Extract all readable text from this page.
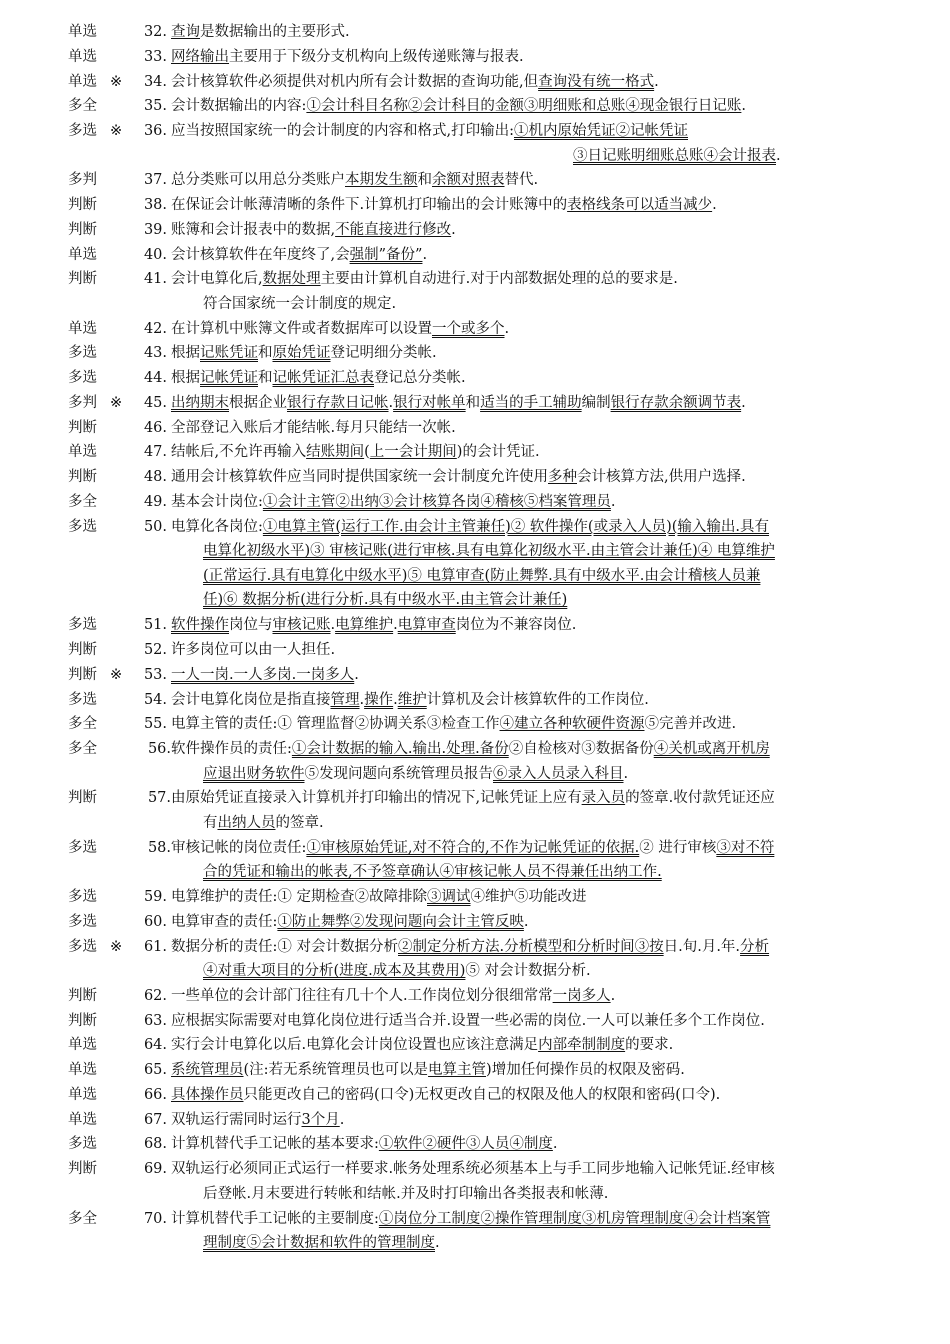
单选	32. 查询是数据输出的主要形式.
单选	33. 网络输出主要用于下级分支机构向上级传递账簿与报表.
单选 ※	34. 会计核算软件必须提供对机内所有会计数据的查询功能,但查询没有统一格式.
多全	35. 会计数据输出的内容:①会计科目名称②会计科目的金额③明细账和总账④现金银行日记账.
多选 ※	36. 应当按照国家统一的会计制度的内容和格式,打印输出:①机内原始凭证②记帐凭证
③日记账明细账总账④会计报表.
多判	37. 总分类账可以用总分类账户本期发生额和余额对照表替代.
判断	38. 在保证会计帐薄清晰的条件下.计算机打印输出的会计账簿中的表格线条可以适当减少.
判断	39. 账簿和会计报表中的数据,不能直接进行修改.
单选	40. 会计核算软件在年度终了,会强制”备份”.
判断	41. 会计电算化后,数据处理主要由计算机自动进行.对于内部数据处理的总的要求是.
符合国家统一会计制度的规定.
单选	42. 在计算机中账簿文件或者数据库可以设置一个或多个.
多选	43. 根据记账凭证和原始凭证登记明细分类帐.
多选	44. 根据记帐凭证和记帐凭证汇总表登记总分类帐.
多判 ※	45. 出纳期末根据企业银行存款日记帐.银行对帐单和适当的手工辅助编制银行存款余额调节表.
判断	46. 全部登记入账后才能结帐.每月只能结一次帐.
单选	47. 结帐后,不允许再输入结账期间(上一会计期间)的会计凭证.
判断	48. 通用会计核算软件应当同时提供国家统一会计制度允许使用多种会计核算方法,供用户选择.
多全	49. 基本会计岗位:①会计主管②出纳③会计核算各岗④稽核⑤档案管理员.
多选	50. 电算化各岗位:①电算主管(运行工作.由会计主管兼任)② 软件操作(或录入人员)(输入输出.具有
电算化初级水平)③ 审核记账(进行审核.具有电算化初级水平.由主管会计兼任)④ 电算维护
(正常运行.具有电算化中级水平)⑤ 电算审查(防止舞弊.具有中级水平.由会计稽核人员兼
任)⑥ 数据分析(进行分析.具有中级水平.由主管会计兼任)
多选	51. 软件操作岗位与审核记账.电算维护.电算审查岗位为不兼容岗位.
判断	52. 许多岗位可以由一人担任.
判断 ※	53. 一人一岗.一人多岗.一岗多人.
多选	54. 会计电算化岗位是指直接管理.操作.维护计算机及会计核算软件的工作岗位.
多全	55. 电算主管的责任:① 管理监督②协调关系③检查工作④建立各种软硬件资源⑤完善并改进.
多全	56. 软件操作员的责任:①会计数据的输入.输出.处理.备份②自检核对③数据备份④关机或离开机房
应退出财务软件⑤发现问题向系统管理员报告⑥录入人员录入科目.
判断	57. 由原始凭证直接录入计算机并打印输出的情况下,记帐凭证上应有录入员的签章.收付款凭证还应
有出纳人员的签章.
多选	58. 审核记帐的岗位责任:①审核原始凭证,对不符合的,不作为记帐凭证的依据.② 进行审核③对不符
合的凭证和输出的帐表,不予签章确认④审核记帐人员不得兼任出纳工作.
多选	59. 电算维护的责任:① 定期检查②故障排除③调试④维护⑤功能改进
多选	60. 电算审查的责任:①防止舞弊②发现问题向会计主管反映.
多选 ※	61. 数据分析的责任:① 对会计数据分析②制定分析方法.分析模型和分析时间③按日.旬.月.年.分析
④对重大项目的分析(进度.成本及其费用)⑤ 对会计数据分析.
判断	62. 一些单位的会计部门往往有几十个人.工作岗位划分很细常常一岗多人.
判断	63. 应根据实际需要对电算化岗位进行适当合并.设置一些必需的岗位.一人可以兼任多个工作岗位.
单选	64. 实行会计电算化以后.电算化会计岗位设置也应该注意满足内部牵制制度的要求.
单选	65. 系统管理员(注:若无系统管理员也可以是电算主管)增加任何操作员的权限及密码.
单选	66. 具体操作员只能更改自己的密码(口令)无权更改自己的权限及他人的权限和密码(口令).
单选	67. 双轨运行需同时运行3个月.
多选	68. 计算机替代手工记帐的基本要求:①软件②硬件③人员④制度.
判断	69. 双轨运行必须同正式运行一样要求.帐务处理系统必须基本上与手工同步地输入记帐凭证.经审核
后登帐.月末要进行转帐和结帐.并及时打印输出各类报表和帐薄.
多全	70. 计算机替代手工记帐的主要制度:①岗位分工制度②操作管理制度③机房管理制度④会计档案管
理制度⑤会计数据和软件的管理制度.
